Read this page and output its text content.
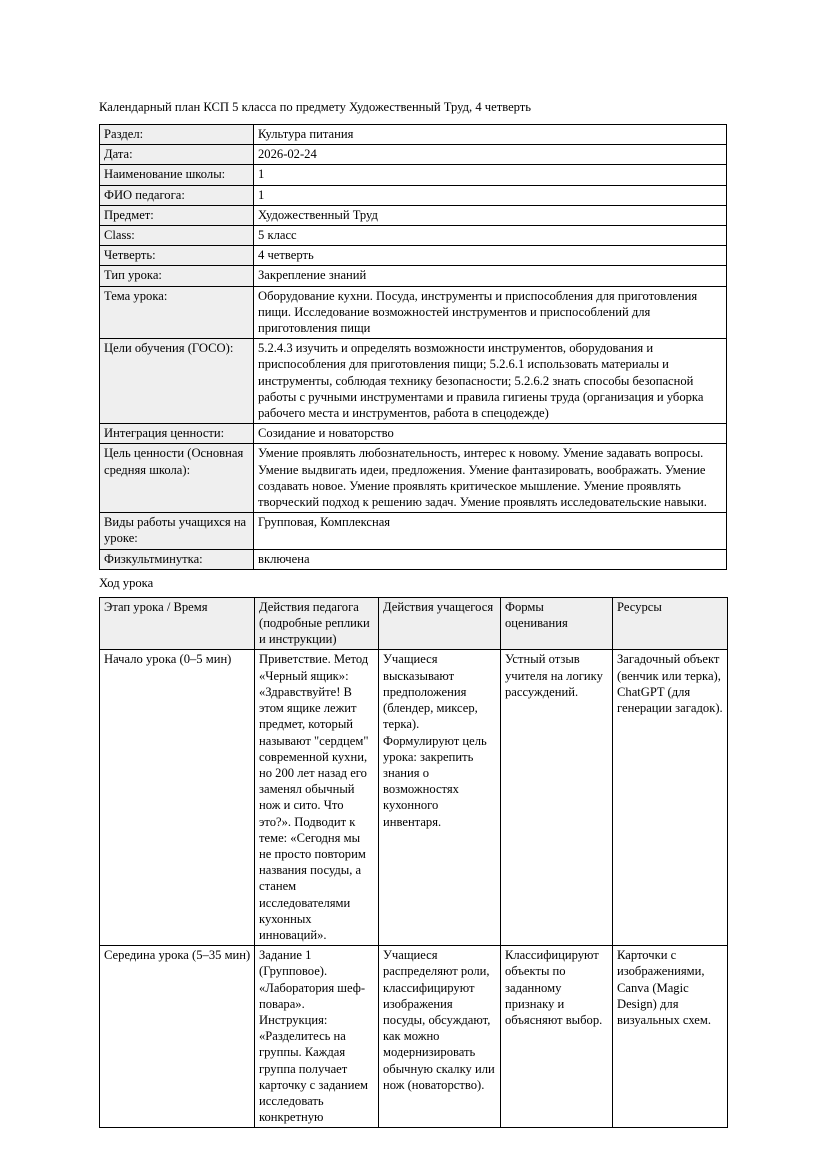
Календарный план КСП 5 класса по предмету Художественный Труд, 4 четверть
Раздел:	Культура питания
Дата:	2026-02-24
Наименование школы:	1
ФИО педагога:	1
Предмет:	Художественный Труд
Class:	5 класс
Четверть:	4 четверть
Тип урока:	Закрепление знаний
Тема урока:	Оборудование кухни. Посуда, инструменты и приспособления для приготовления пищи. Исследование возможностей инструментов и приспособлений для приготовления пищи
Цели обучения (ГОСО):	5.2.4.3 изучить и определять возможности инструментов, оборудования и приспособления для приготовления пищи; 5.2.6.1 использовать материалы и инструменты, соблюдая технику безопасности; 5.2.6.2 знать способы безопасной работы с ручными инструментами и правила гигиены труда (организация и уборка рабочего места и инструментов, работа в спецодежде)
Интеграция ценности:	Созидание и новаторство
Цель ценности (Основная средняя школа):	Умение проявлять любознательность, интерес к новому. Умение задавать вопросы. Умение выдвигать идеи, предложения. Умение фантазировать, воображать. Умение создавать новое. Умение проявлять критическое мышление. Умение проявлять творческий подход к решению задач. Умение проявлять исследовательские навыки.
Виды работы учащихся на уроке:	Групповая, Комплексная
Физкультминутка:	включена
Ход урока
Этап урока / Время	Действия педагога (подробные реплики и инструкции)	Действия учащегося	Формы оценивания	Ресурсы
Начало урока (0–5 мин)	Приветствие. Метод «Черный ящик»: «Здравствуйте! В этом ящике лежит предмет, который называют "сердцем" современной кухни, но 200 лет назад его заменял обычный нож и сито. Что это?». Подводит к теме: «Сегодня мы не просто повторим названия посуды, а станем исследователями кухонных инноваций».	Учащиеся высказывают предположения (блендер, миксер, терка). Формулируют цель урока: закрепить знания о возможностях кухонного инвентаря.	Устный отзыв учителя на логику рассуждений.	Загадочный объект (венчик или терка), ChatGPT (для генерации загадок).
Середина урока (5–35 мин)	Задание 1 (Групповое). «Лаборатория шеф-повара». Инструкция: «Разделитесь на группы. Каждая группа получает карточку с заданием исследовать конкретную	Учащиеся распределяют роли, классифицируют изображения посуды, обсуждают, как можно модернизировать обычную скалку или нож (новаторство).	Классифицируют объекты по заданному признаку и объясняют выбор.	Карточки с изображениями, Canva (Magic Design) для визуальных схем.
